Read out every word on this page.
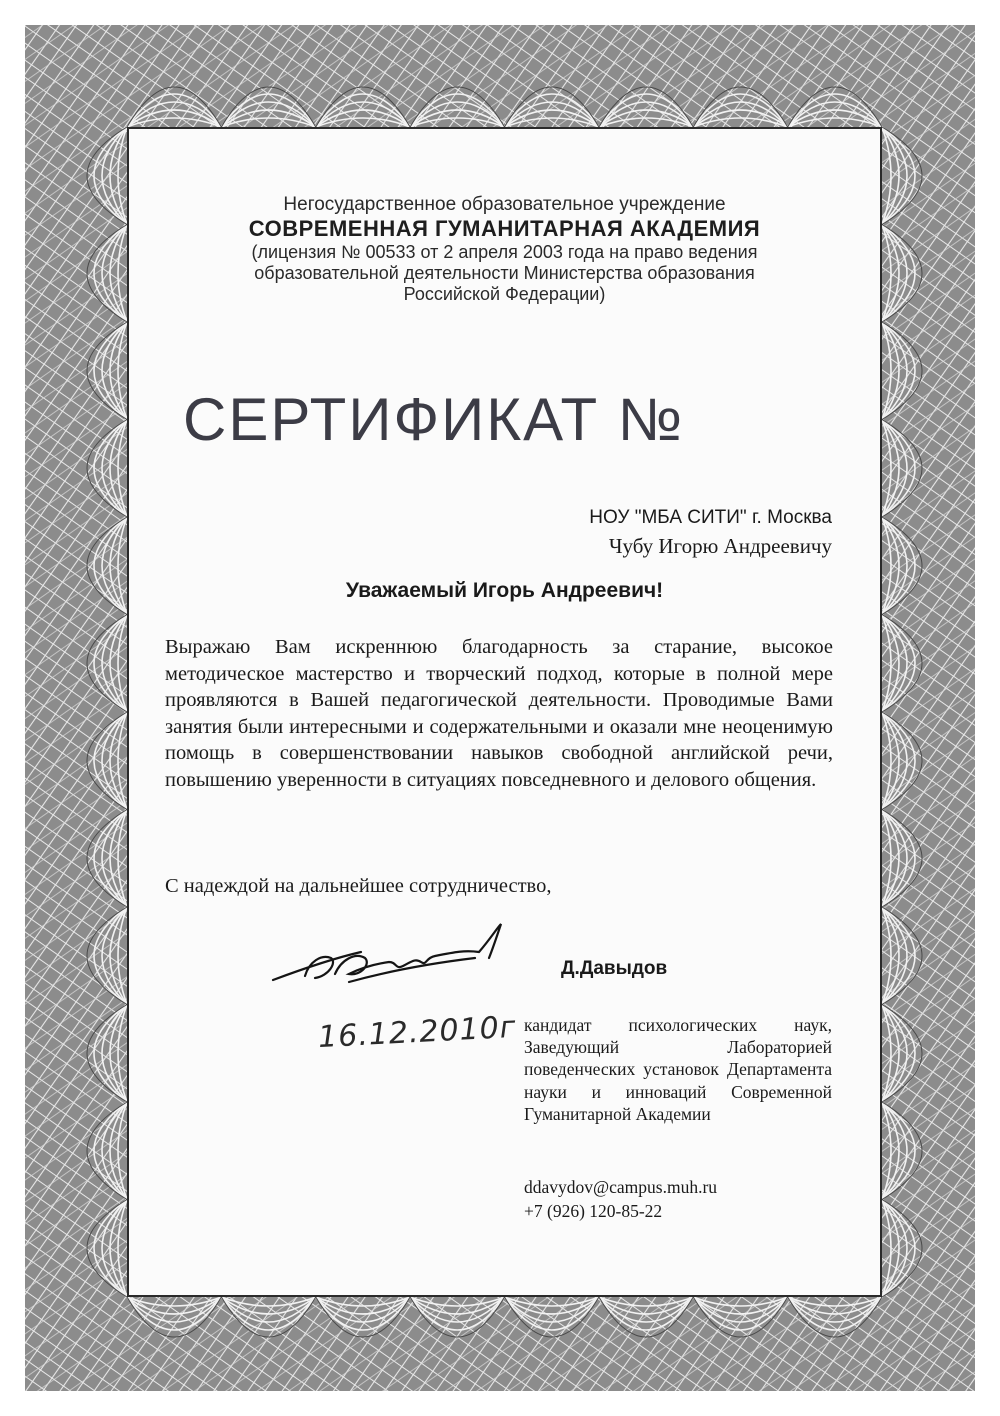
Негосударственное образовательное учреждение
СОВРЕМЕННАЯ ГУМАНИТАРНАЯ АКАДЕМИЯ
(лицензия № 00533 от 2 апреля 2003 года на право ведения
образовательной деятельности Министерства образования
Российской Федерации)
СЕРТИФИКАТ №
НОУ "МБА СИТИ" г. Москва
Чубу Игорю Андреевичу
Уважаемый Игорь Андреевич!
Выражаю Вам искреннюю благодарность за старание, высокое методическое мастерство и творческий подход, которые в полной мере проявляются в Вашей педагогической деятельности. Проводимые Вами занятия были интересными и содержательными и оказали мне неоценимую помощь в совершенствовании навыков свободной английской речи, повышению уверенности в ситуациях повседневного и делового общения.
С надеждой на дальнейшее сотрудничество,
Д.Давыдов
16.12.2010г кандидат психологических наук, Заведующий Лабораторией поведенческих установок Департамента науки и инноваций Современной Гуманитарной Академии
ddavydov@campus.muh.ru
+7 (926) 120-85-22
